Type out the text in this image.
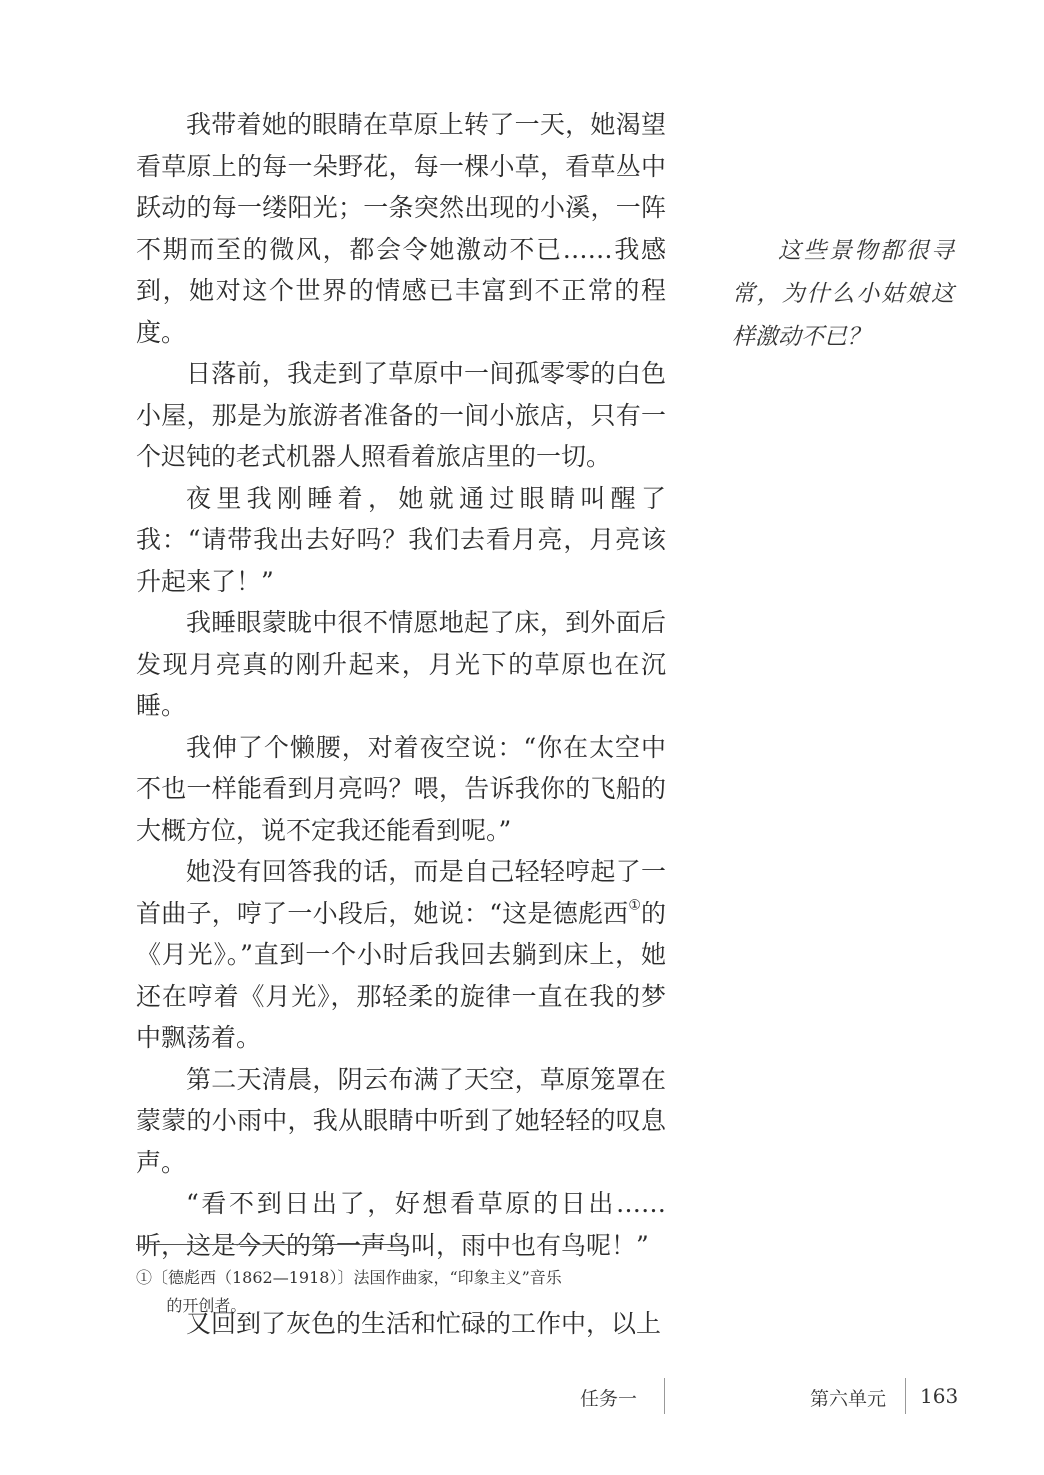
我带着她的眼睛在草原上转了一天，她渴望看草原上的每一朵野花，每一棵小草，看草丛中跃动的每一缕阳光；一条突然出现的小溪，一阵不期而至的微风，都会令她激动不已……我感到，她对这个世界的情感已丰富到不正常的程度。

日落前，我走到了草原中一间孤零零的白色小屋，那是为旅游者准备的一间小旅店，只有一个迟钝的老式机器人照看着旅店里的一切。

夜里我刚睡着，她就通过眼睛叫醒了我：“请带我出去好吗？我们去看月亮，月亮该升起来了！”

我睡眼蒙眬中很不情愿地起了床，到外面后发现月亮真的刚升起来，月光下的草原也在沉睡。

我伸了个懒腰，对着夜空说：“你在太空中不也一样能看到月亮吗？喂，告诉我你的飞船的大概方位，说不定我还能看到呢。”

她没有回答我的话，而是自己轻轻哼起了一首曲子，哼了一小段后，她说：“这是德彪西①的《月光》。”直到一个小时后我回去躺到床上，她还在哼着《月光》，那轻柔的旋律一直在我的梦中飘荡着。

第二天清晨，阴云布满了天空，草原笼罩在蒙蒙的小雨中，我从眼睛中听到了她轻轻的叹息声。

“看不到日出了，好想看草原的日出……听，这是今天的第一声鸟叫，雨中也有鸟呢！”

又回到了灰色的生活和忙碌的工作中，以上

这些景物都很寻常，为什么小姑娘这样激动不已？

①〔德彪西（1862—1918）〕法国作曲家，“印象主义”音乐的开创者。
任务一	第六单元 163
